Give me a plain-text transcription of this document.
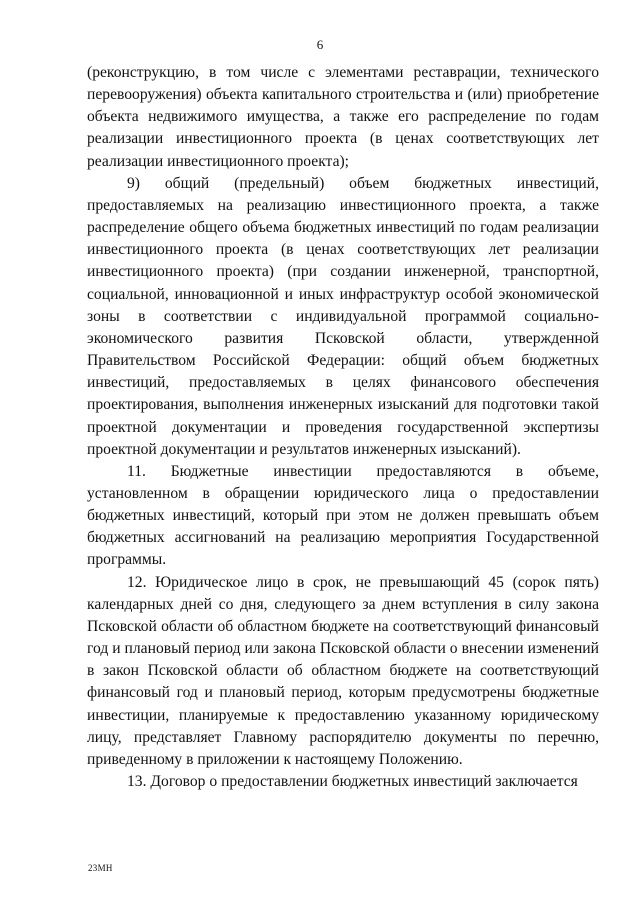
6

(реконструкцию, в том числе с элементами реставрации, технического перевооружения) объекта капитального строительства и (или) приобретение объекта недвижимого имущества, а также его распределение по годам реализации инвестиционного проекта (в ценах соответствующих лет реализации инвестиционного проекта);

9) общий (предельный) объем бюджетных инвестиций, предоставляемых на реализацию инвестиционного проекта, а также распределение общего объема бюджетных инвестиций по годам реализации инвестиционного проекта (в ценах соответствующих лет реализации инвестиционного проекта) (при создании инженерной, транспортной, социальной, инновационной и иных инфраструктур особой экономической зоны в соответствии с индивидуальной программой социально-экономического развития Псковской области, утвержденной Правительством Российской Федерации: общий объем бюджетных инвестиций, предоставляемых в целях финансового обеспечения проектирования, выполнения инженерных изысканий для подготовки такой проектной документации и проведения государственной экспертизы проектной документации и результатов инженерных изысканий).

11. Бюджетные инвестиции предоставляются в объеме, установленном в обращении юридического лица о предоставлении бюджетных инвестиций, который при этом не должен превышать объем бюджетных ассигнований на реализацию мероприятия Государственной программы.

12. Юридическое лицо в срок, не превышающий 45 (сорок пять) календарных дней со дня, следующего за днем вступления в силу закона Псковской области об областном бюджете на соответствующий финансовый год и плановый период или закона Псковской области о внесении изменений в закон Псковской области об областном бюджете на соответствующий финансовый год и плановый период, которым предусмотрены бюджетные инвестиции, планируемые к предоставлению указанному юридическому лицу, представляет Главному распорядителю документы по перечню, приведенному в приложении к настоящему Положению.

13. Договор о предоставлении бюджетных инвестиций заключается

23МН
